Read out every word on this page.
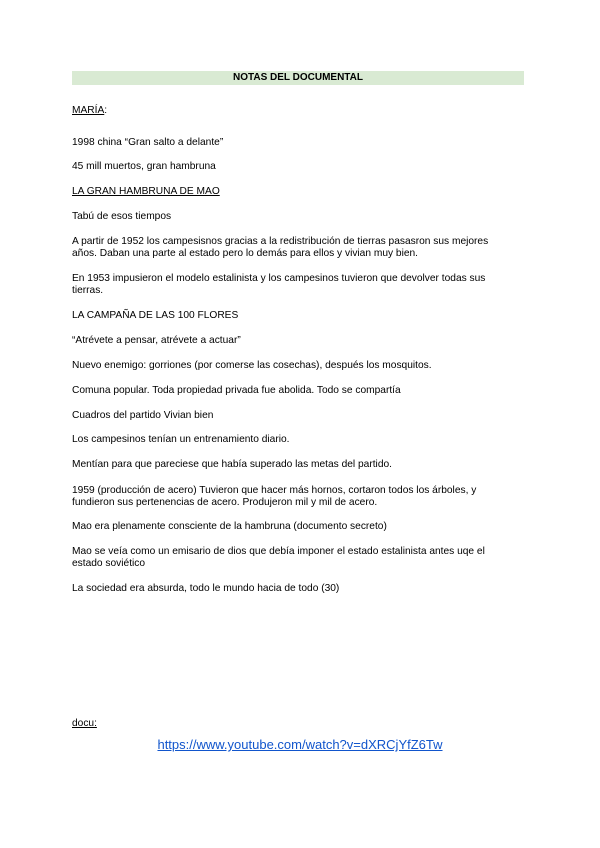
NOTAS DEL DOCUMENTAL
MARÍA:
1998 china “Gran salto a delante”
45 mill muertos, gran hambruna
LA GRAN HAMBRUNA DE MAO
Tabú de esos tiempos
A partir de 1952 los campesisnos gracias a la redistribución de tierras pasasron sus mejores
años. Daban una parte al estado pero lo demás para ellos y vivian muy bien.
En 1953 impusieron el modelo estalinista y los campesinos tuvieron que devolver todas sus
tierras.
LA CAMPAÑA DE LAS 100 FLORES
“Atrévete a pensar, atrévete a actuar”
Nuevo enemigo: gorriones (por comerse las cosechas), después los mosquitos.
Comuna popular. Toda propiedad privada fue abolida. Todo se compartía
Cuadros del partido Vivian bien
Los campesinos tenían un entrenamiento diario.
Mentían para que pareciese que había superado las metas del partido.
1959 (producción de acero) Tuvieron que hacer más hornos, cortaron todos los árboles, y
fundieron sus pertenencias de acero. Produjeron mil y mil de acero.
Mao era plenamente consciente de la hambruna (documento secreto)
Mao se veía como un emisario de dios que debía imponer el estado estalinista antes uqe el
estado soviético
La sociedad era absurda, todo le mundo hacia de todo (30)
docu:
https://www.youtube.com/watch?v=dXRCjYfZ6Tw
